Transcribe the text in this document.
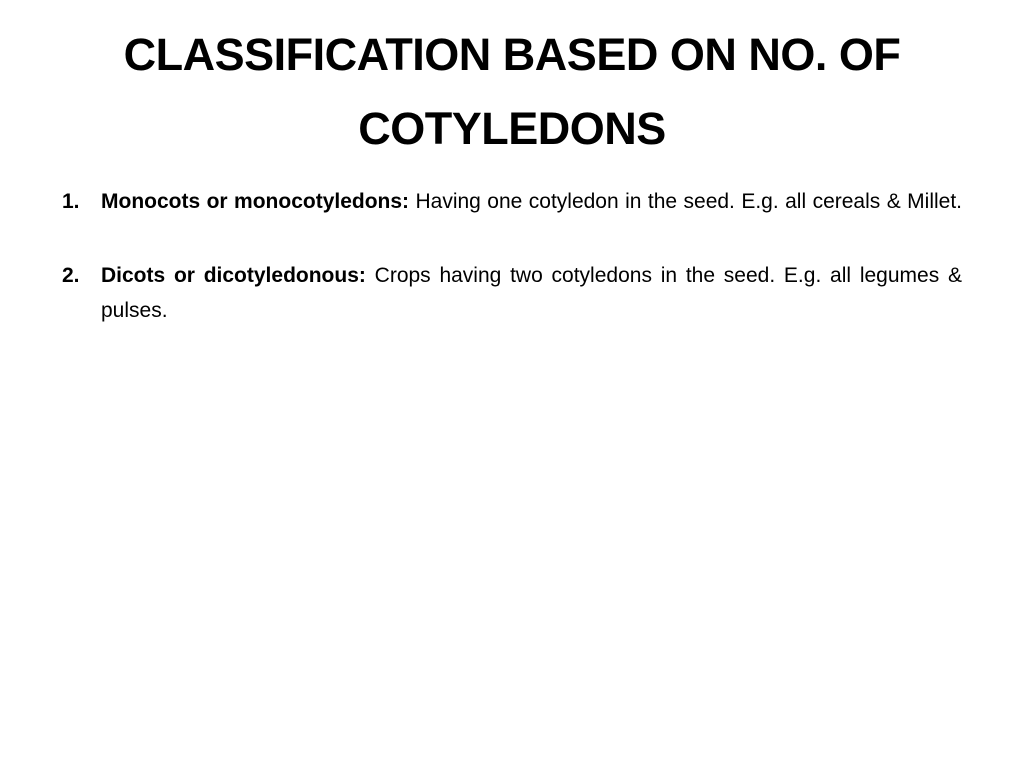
CLASSIFICATION BASED ON NO. OF COTYLEDONS
1. Monocots or monocotyledons: Having one cotyledon in the seed. E.g. all cereals & Millet.
2. Dicots or dicotyledonous: Crops having two cotyledons in the seed. E.g. all legumes & pulses.
